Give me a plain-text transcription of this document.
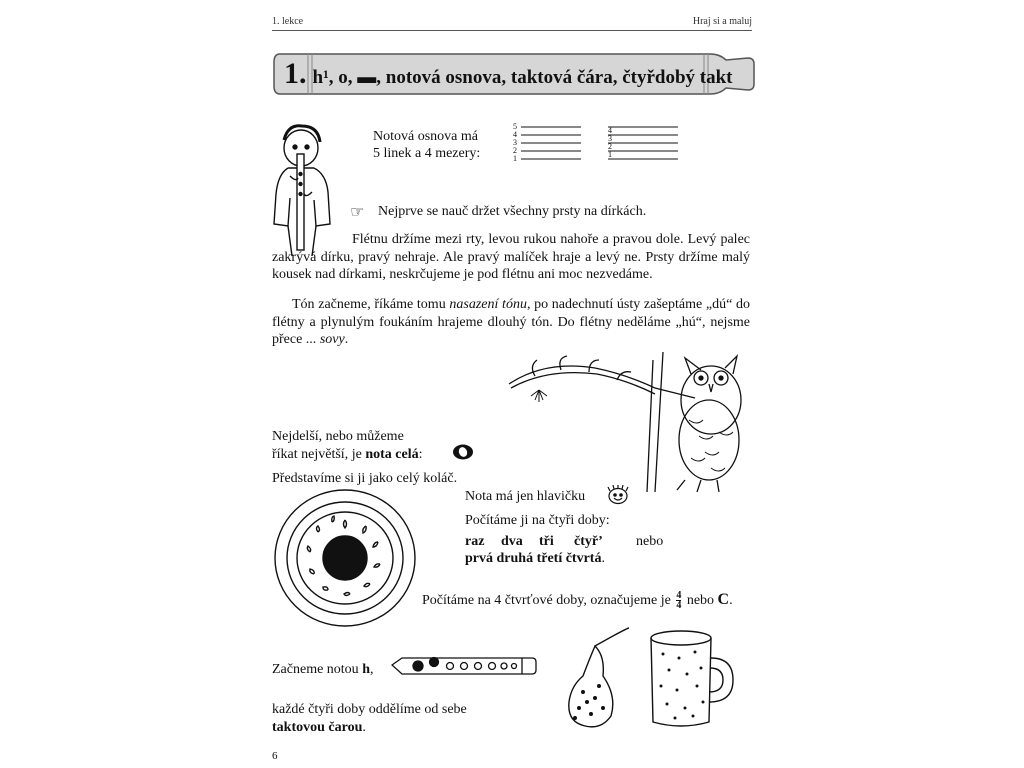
1. lekce	Hraj si a maluj
1. h¹, o, ▬, notová osnova, taktová čára, čtyřdobý takt
Notová osnova má
5 linek a 4 mezery:
5
4
3
2
1
4
3
2
1
☞ Nejprve se nauč držet všechny prsty na dírkách.

Flétnu držíme mezi rty, levou rukou nahoře a pravou dole. Levý palec zakrývá dírku, pravý nehraje. Ale pravý malíček hraje a levý ne. Prsty držíme malý kousek nad dírkami, neskrčujeme je pod flétnu ani moc nezvedáme.

Tón začneme, říkáme tomu nasazení tónu, po nadechnutí ústy zašeptáme „dú“ do flétny a plynulým foukáním hrajeme dlouhý tón. Do flétny neděláme „hú“, nejsme přece ... sovy.

Nejdelší, nebo můžeme
říkat největší, je nota celá:
Představíme si ji jako celý koláč.
Nota má jen hlavičku
Počítáme ji na čtyři doby:
raz dva tři čtyř’ nebo
prvá druhá třetí čtvrtá.
Počítáme na 4 čtvrťové doby, označujeme je $\frac{4}{4}$ nebo C.
Začneme notou h,
každé čtyři doby oddělíme od sebe
taktovou čarou.
6
